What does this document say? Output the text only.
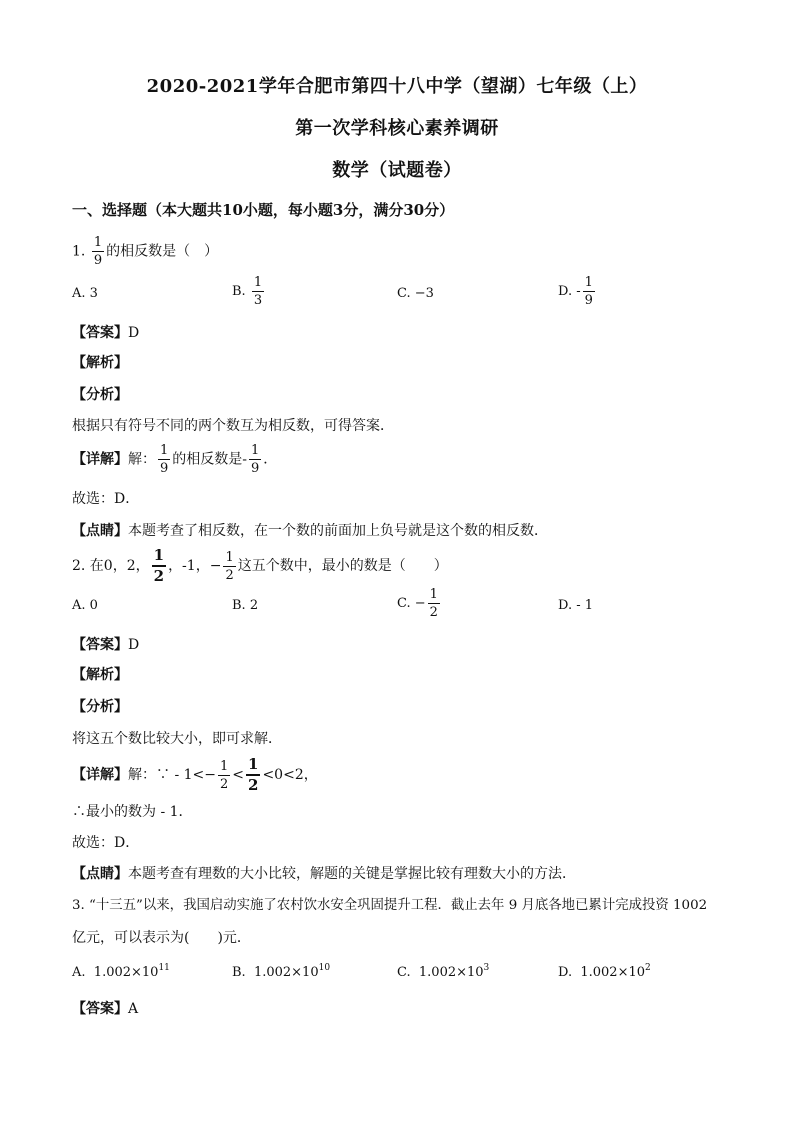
2020-2021学年合肥市第四十八中学（望湖）七年级（上）
第一次学科核心素养调研
数学（试题卷）
一、选择题（本大题共10小题，每小题3分，满分30分）
1. $\frac{1}{9}$ 的相反数是（　）
A. 3	B. $\frac{1}{3}$	C. −3	D. - $\frac{1}{9}$
【答案】D
【解析】
【分析】
根据只有符号不同的两个数互为相反数，可得答案．
【详解】解： $\frac{1}{9}$ 的相反数是- $\frac{1}{9}$ ．
故选：D．
【点睛】本题考查了相反数，在一个数的前面加上负号就是这个数的相反数．
2. 在0，2， $\frac{1}{2}$ ，-1，− $\frac{1}{2}$ 这五个数中，最小的数是（　　）
A. 0	B. 2	C. − $\frac{1}{2}$	D. - 1
【答案】D
【解析】
【分析】
将这五个数比较大小，即可求解．
【详解】解：∵ - $1<- \frac{1}{2} < \frac{1}{2} <0<2$，
∴最小的数为 - 1．
故选：D．
【点睛】本题考查有理数的大小比较，解题的关键是掌握比较有理数大小的方法．
3. “十三五”以来，我国启动实施了农村饮水安全巩固提升工程．截止去年 9 月底各地已累计完成投资 1002
亿元，可以表示为(　　)元．
A. $1.002\times 10^{11}$	B. $1.002\times 10^{10}$	C. $1.002\times 10^3$	D. $1.002\times 10^2$
【答案】A
